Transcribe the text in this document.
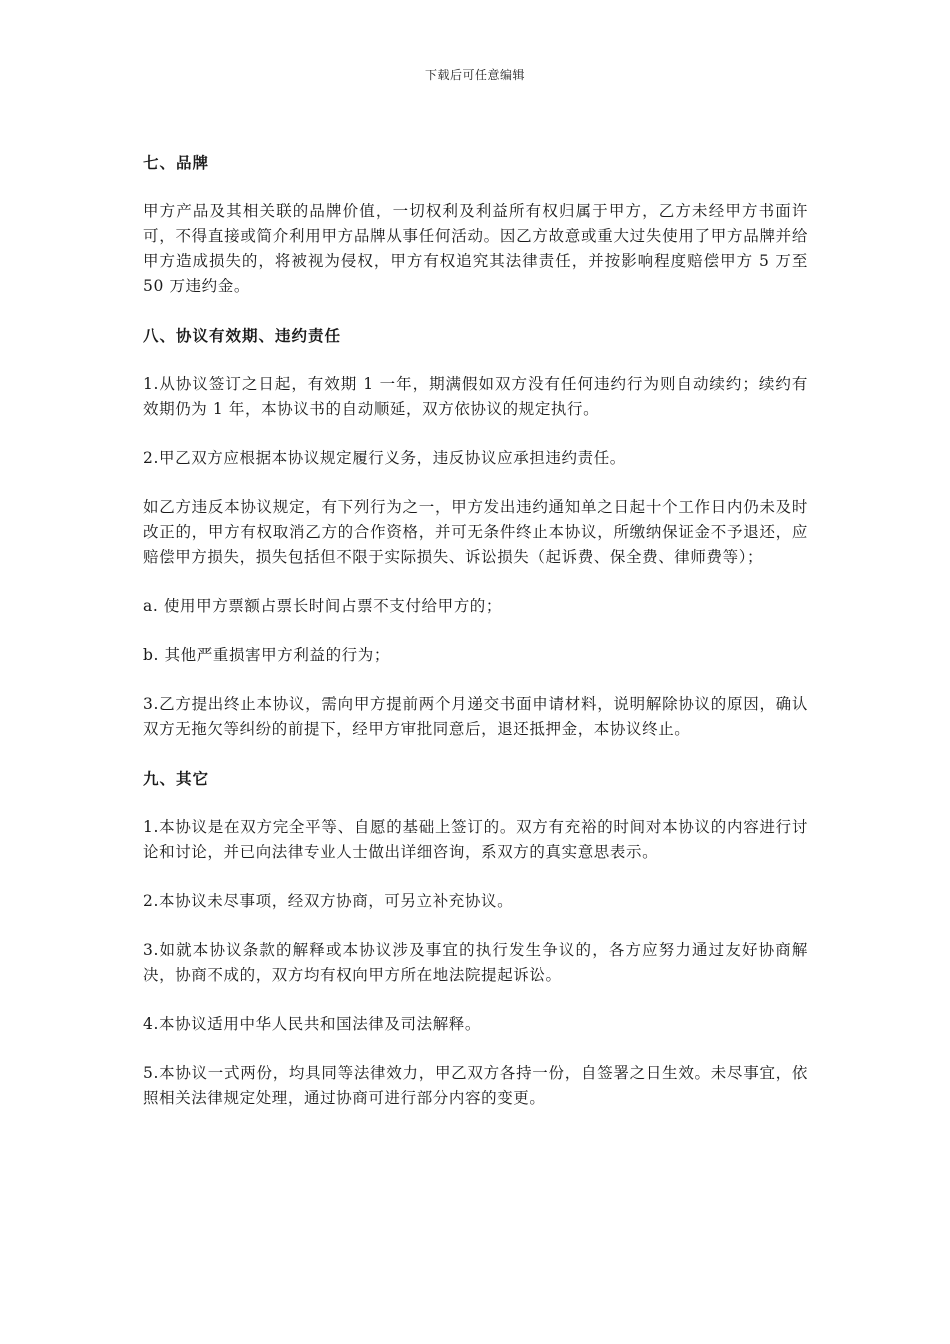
下载后可任意编辑
七、品牌

甲方产品及其相关联的品牌价值，一切权利及利益所有权归属于甲方，乙方未经甲方书面许可，不得直接或简介利用甲方品牌从事任何活动。因乙方故意或重大过失使用了甲方品牌并给甲方造成损失的，将被视为侵权，甲方有权追究其法律责任，并按影响程度赔偿甲方 5 万至 50 万违约金。

八、协议有效期、违约责任

1.从协议签订之日起，有效期 1 一年，期满假如双方没有任何违约行为则自动续约；续约有效期仍为 1 年，本协议书的自动顺延，双方依协议的规定执行。

2.甲乙双方应根据本协议规定履行义务，违反协议应承担违约责任。

如乙方违反本协议规定，有下列行为之一，甲方发出违约通知单之日起十个工作日内仍未及时改正的，甲方有权取消乙方的合作资格，并可无条件终止本协议，所缴纳保证金不予退还，应赔偿甲方损失，损失包括但不限于实际损失、诉讼损失（起诉费、保全费、律师费等）；

a. 使用甲方票额占票长时间占票不支付给甲方的；

b. 其他严重损害甲方利益的行为；

3.乙方提出终止本协议，需向甲方提前两个月递交书面申请材料，说明解除协议的原因，确认双方无拖欠等纠纷的前提下，经甲方审批同意后，退还抵押金，本协议终止。

九、其它

1.本协议是在双方完全平等、自愿的基础上签订的。双方有充裕的时间对本协议的内容进行讨论和讨论，并已向法律专业人士做出详细咨询，系双方的真实意思表示。

2.本协议未尽事项，经双方协商，可另立补充协议。

3.如就本协议条款的解释或本协议涉及事宜的执行发生争议的，各方应努力通过友好协商解决，协商不成的，双方均有权向甲方所在地法院提起诉讼。

4.本协议适用中华人民共和国法律及司法解释。

5.本协议一式两份，均具同等法律效力，甲乙双方各持一份，自签署之日生效。未尽事宜，依照相关法律规定处理，通过协商可进行部分内容的变更。
